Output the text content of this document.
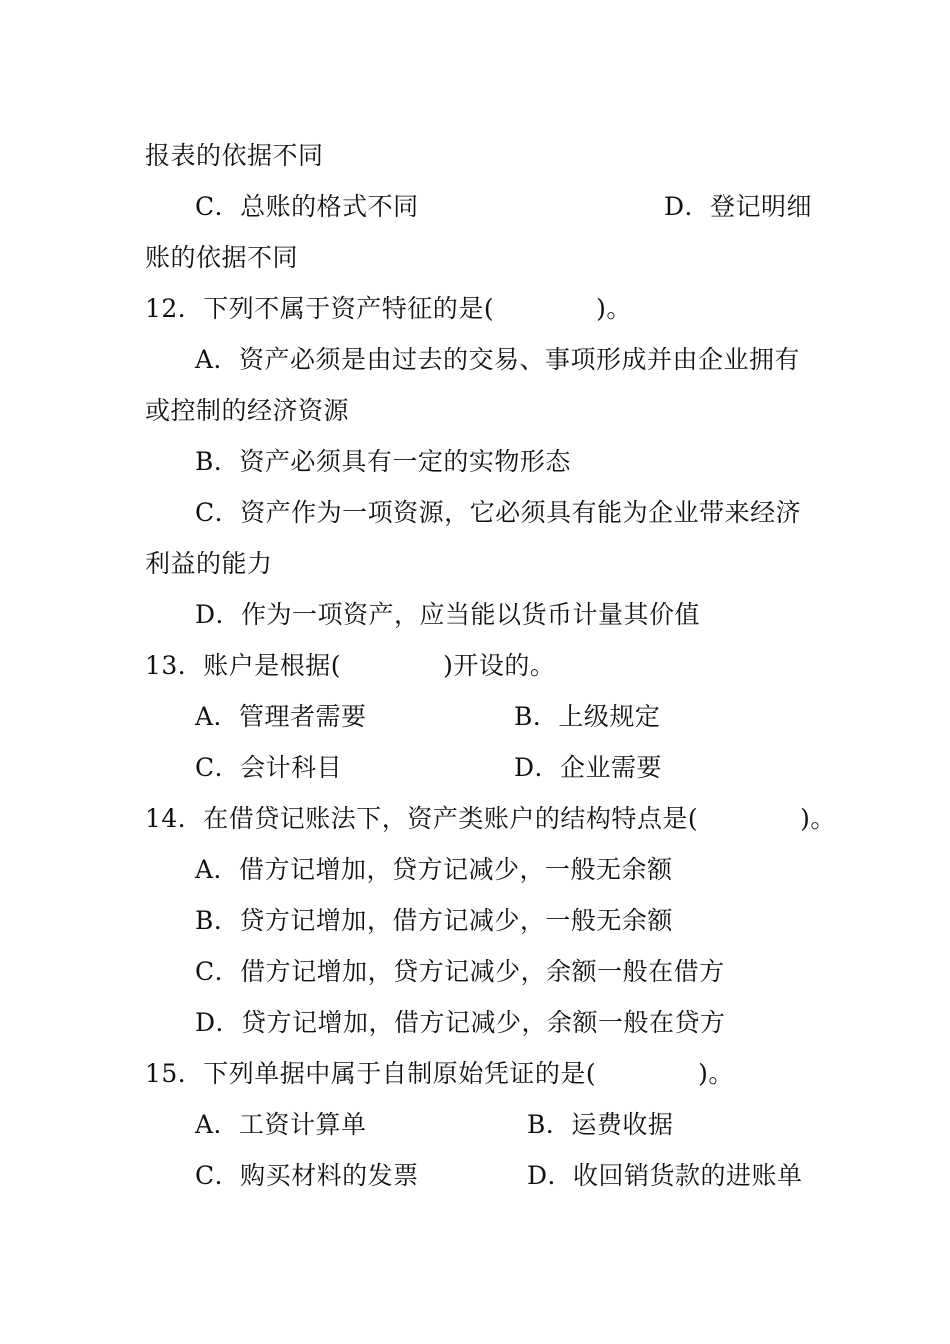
报表的依据不同
C．总账的格式不同	D．登记明细
账的依据不同
12．下列不属于资产特征的是(　　　　)。
A．资产必须是由过去的交易、事项形成并由企业拥有
或控制的经济资源
B．资产必须具有一定的实物形态
C．资产作为一项资源，它必须具有能为企业带来经济
利益的能力
D．作为一项资产，应当能以货币计量其价值
13．账户是根据(　　　　)开设的。
A．管理者需要	B．上级规定
C．会计科目	D．企业需要
14．在借贷记账法下，资产类账户的结构特点是(　　　　)。
A．借方记增加，贷方记减少，一般无余额
B．贷方记增加，借方记减少，一般无余额
C．借方记增加，贷方记减少，余额一般在借方
D．贷方记增加，借方记减少，余额一般在贷方
15．下列单据中属于自制原始凭证的是(　　　　)。
A．工资计算单	B．运费收据
C．购买材料的发票	D．收回销货款的进账单
